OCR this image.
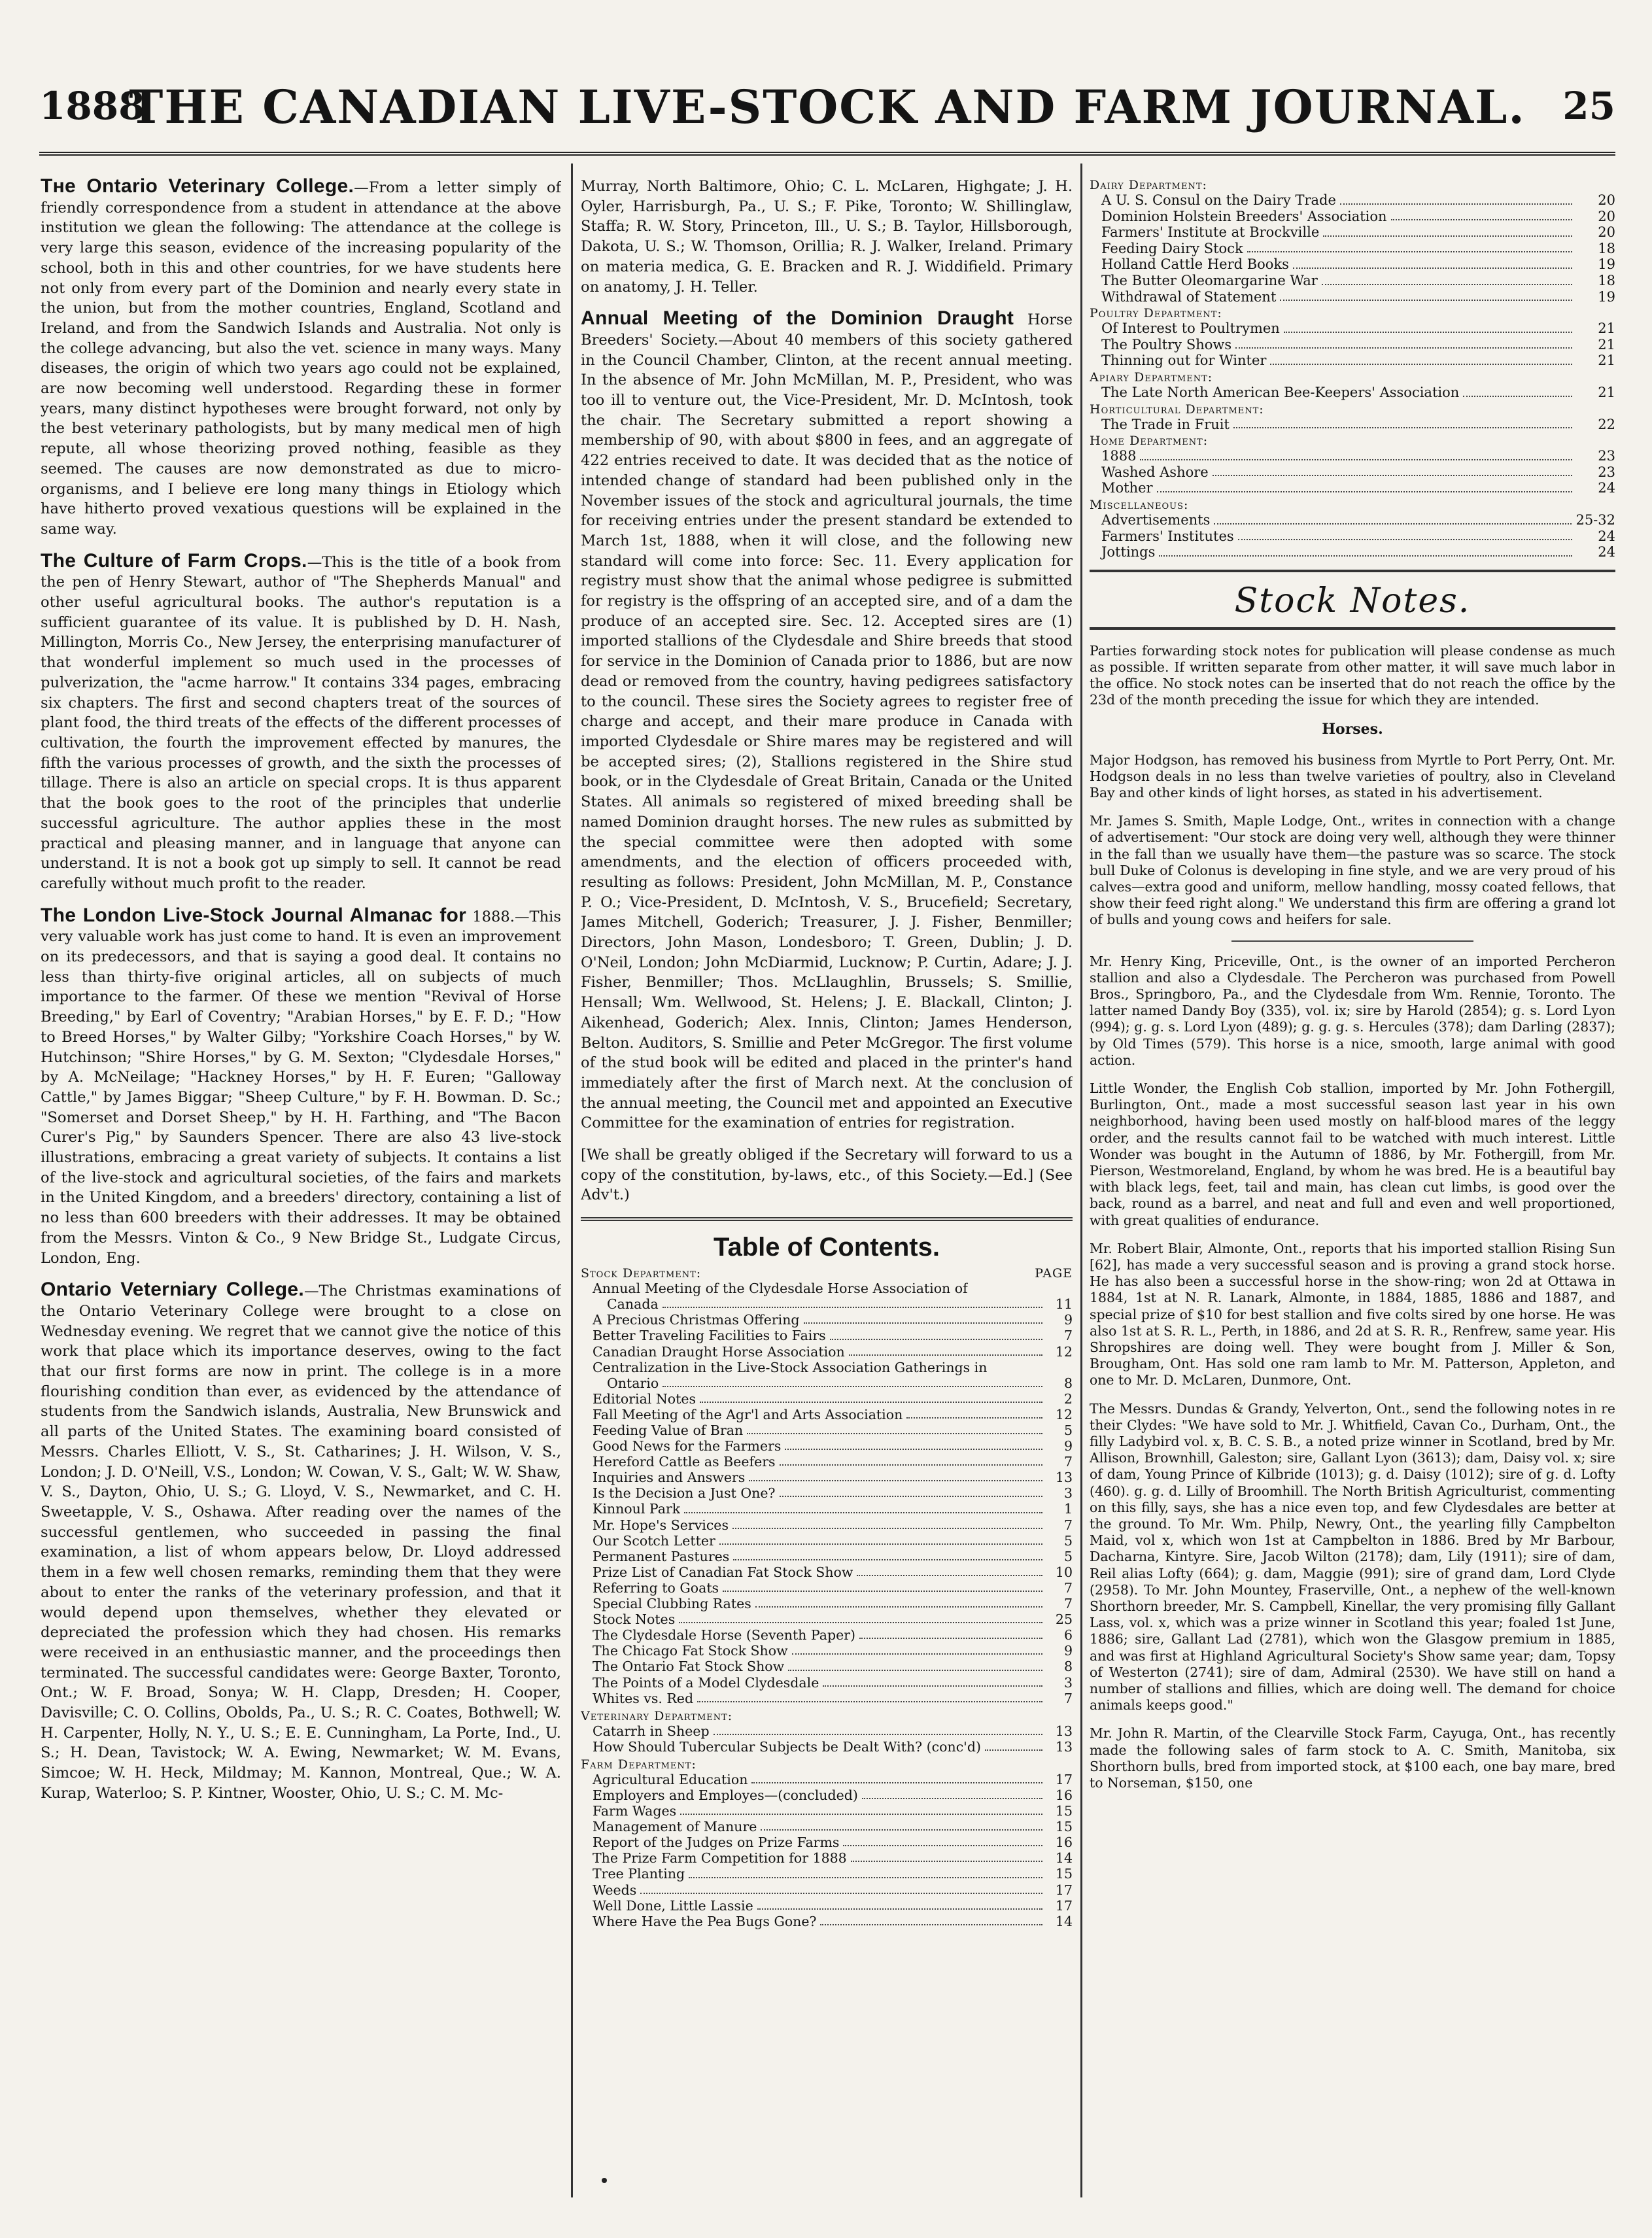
1888
THE CANADIAN LIVE-STOCK AND FARM JOURNAL. 25

Tнe Ontario Veterinary College.—From a letter simply of friendly correspondence from a student in attendance at the above institution we glean the following: The attendance at the college is very large this season, evidence of the increasing popularity of the school, both in this and other countries, for we have students here not only from every part of the Dominion and nearly every state in the union, but from the mother countries, England, Scotland and Ireland, and from the Sandwich Islands and Australia. Not only is the college advancing, but also the vet. science in many ways. Many diseases, the origin of which two years ago could not be explained, are now becoming well understood. Regarding these in former years, many distinct hypotheses were brought forward, not only by the best veterinary pathologists, but by many medical men of high repute, all whose theorizing proved nothing, feasible as they seemed. The causes are now demonstrated as due to micro-organisms, and I believe ere long many things in Etiology which have hitherto proved vexatious questions will be explained in the same way.

The Culture of Farm Crops.—This is the title of a book from the pen of Henry Stewart, author of "The Shepherds Manual" and other useful agricultural books. The author's reputation is a sufficient guarantee of its value. It is published by D. H. Nash, Millington, Morris Co., New Jersey, the enterprising manufacturer of that wonderful implement so much used in the processes of pulverization, the "acme harrow." It contains 334 pages, embracing six chapters. The first and second chapters treat of the sources of plant food, the third treats of the effects of the different processes of cultivation, the fourth the improvement effected by manures, the fifth the various processes of growth, and the sixth the processes of tillage. There is also an article on special crops. It is thus apparent that the book goes to the root of the principles that underlie successful agriculture. The author applies these in the most practical and pleasing manner, and in language that anyone can understand. It is not a book got up simply to sell. It cannot be read carefully without much profit to the reader.

The London Live-Stock Journal Almanac for 1888.—This very valuable work has just come to hand. It is even an improvement on its predecessors, and that is saying a good deal. It contains no less than thirty-five original articles, all on subjects of much importance to the farmer. Of these we mention "Revival of Horse Breeding," by Earl of Coventry; "Arabian Horses," by E. F. D.; "How to Breed Horses," by Walter Gilby; "Yorkshire Coach Horses," by W. Hutchinson; "Shire Horses," by G. M. Sexton; "Clydesdale Horses," by A. McNeilage; "Hackney Horses," by H. F. Euren; "Galloway Cattle," by James Biggar; "Sheep Culture," by F. H. Bowman. D. Sc.; "Somerset and Dorset Sheep," by H. H. Farthing, and "The Bacon Curer's Pig," by Saunders Spencer. There are also 43 live-stock illustrations, embracing a great variety of subjects. It contains a list of the live-stock and agricultural societies, of the fairs and markets in the United Kingdom, and a breeders' directory, containing a list of no less than 600 breeders with their addresses. It may be obtained from the Messrs. Vinton & Co., 9 New Bridge St., Ludgate Circus, London, Eng.

Ontario Veterniary College.—The Christmas examinations of the Ontario Veterinary College were brought to a close on Wednesday evening. We regret that we cannot give the notice of this work that place which its importance deserves, owing to the fact that our first forms are now in print. The college is in a more flourishing condition than ever, as evidenced by the attendance of students from the Sandwich islands, Australia, New Brunswick and all parts of the United States. The examining board consisted of Messrs. Charles Elliott, V. S., St. Catharines; J. H. Wilson, V. S., London; J. D. O'Neill, V.S., London; W. Cowan, V. S., Galt; W. W. Shaw, V. S., Dayton, Ohio, U. S.; G. Lloyd, V. S., Newmarket, and C. H. Sweetapple, V. S., Oshawa. After reading over the names of the successful gentlemen, who succeeded in passing the final examination, a list of whom appears below, Dr. Lloyd addressed them in a few well chosen remarks, reminding them that they were about to enter the ranks of the veterinary profession, and that it would depend upon themselves, whether they elevated or depreciated the profession which they had chosen. His remarks were received in an enthusiastic manner, and the proceedings then terminated. The successful candidates were: George Baxter, Toronto, Ont.; W. F. Broad, Sonya; W. H. Clapp, Dresden; H. Cooper, Davisville; C. O. Collins, Obolds, Pa., U. S.; R. C. Coates, Bothwell; W. H. Carpenter, Holly, N. Y., U. S.; E. E. Cunningham, La Porte, Ind., U. S.; H. Dean, Tavistock; W. A. Ewing, Newmarket; W. M. Evans, Simcoe; W. H. Heck, Mildmay; M. Kannon, Montreal, Que.; W. A. Kurap, Waterloo; S. P. Kintner, Wooster, Ohio, U. S.; C. M. Mc-

Murray, North Baltimore, Ohio; C. L. McLaren, Highgate; J. H. Oyler, Harrisburgh, Pa., U. S.; F. Pike, Toronto; W. Shillinglaw, Staffa; R. W. Story, Princeton, Ill., U. S.; B. Taylor, Hillsborough, Dakota, U. S.; W. Thomson, Orillia; R. J. Walker, Ireland. Primary on materia medica, G. E. Bracken and R. J. Widdifield. Primary on anatomy, J. H. Teller.

Annual Meeting of the Dominion Draught Horse Breeders' Society.—About 40 members of this society gathered in the Council Chamber, Clinton, at the recent annual meeting. In the absence of Mr. John McMillan, M. P., President, who was too ill to venture out, the Vice-President, Mr. D. McIntosh, took the chair. The Secretary submitted a report showing a membership of 90, with about $800 in fees, and an aggregate of 422 entries received to date. It was decided that as the notice of intended change of standard had been published only in the November issues of the stock and agricultural journals, the time for receiving entries under the present standard be extended to March 1st, 1888, when it will close, and the following new standard will come into force: Sec. 11. Every application for registry must show that the animal whose pedigree is submitted for registry is the offspring of an accepted sire, and of a dam the produce of an accepted sire. Sec. 12. Accepted sires are (1) imported stallions of the Clydesdale and Shire breeds that stood for service in the Dominion of Canada prior to 1886, but are now dead or removed from the country, having pedigrees satisfactory to the council. These sires the Society agrees to register free of charge and accept, and their mare produce in Canada with imported Clydesdale or Shire mares may be registered and will be accepted sires; (2), Stallions registered in the Shire stud book, or in the Clydesdale of Great Britain, Canada or the United States. All animals so registered of mixed breeding shall be named Dominion draught horses. The new rules as submitted by the special committee were then adopted with some amendments, and the election of officers proceeded with, resulting as follows: President, John McMillan, M. P., Constance P. O.; Vice-President, D. McIntosh, V. S., Brucefield; Secretary, James Mitchell, Goderich; Treasurer, J. J. Fisher, Benmiller; Directors, John Mason, Londesboro; T. Green, Dublin; J. D. O'Neil, London; John McDiarmid, Lucknow; P. Curtin, Adare; J. J. Fisher, Benmiller; Thos. McLlaughlin, Brussels; S. Smillie, Hensall; Wm. Wellwood, St. Helens; J. E. Blackall, Clinton; J. Aikenhead, Goderich; Alex. Innis, Clinton; James Henderson, Belton. Auditors, S. Smillie and Peter McGregor. The first volume of the stud book will be edited and placed in the printer's hand immediately after the first of March next. At the conclusion of the annual meeting, the Council met and appointed an Executive Committee for the examination of entries for registration.

[We shall be greatly obliged if the Secretary will forward to us a copy of the constitution, by-laws, etc., of this Society.—Ed.] (See Adv't.)

Table of Contents.
Stock Department:	PAGE
Annual Meeting of the Clydesdale Horse Association of
Canada	11
A Precious Christmas Offering	9
Better Traveling Facilities to Fairs	7
Canadian Draught Horse Association	12
Centralization in the Live-Stock Association Gatherings in
Ontario	8
Editorial Notes	2
Fall Meeting of the Agr'l and Arts Association	12
Feeding Value of Bran	5
Good News for the Farmers	9
Hereford Cattle as Beefers	7
Inquiries and Answers	13
Is the Decision a Just One?	3
Kinnoul Park	1
Mr. Hope's Services	7
Our Scotch Letter	5
Permanent Pastures	5
Prize List of Canadian Fat Stock Show	10
Referring to Goats	7
Special Clubbing Rates	7
Stock Notes	25
The Clydesdale Horse (Seventh Paper)	6
The Chicago Fat Stock Show	9
The Ontario Fat Stock Show	8
The Points of a Model Clydesdale	3
Whites vs. Red	7
Veterinary Department:
Catarrh in Sheep	13
How Should Tubercular Subjects be Dealt With? (conc'd)	13
Farm Department:
Agricultural Education	17
Employers and Employes—(concluded)	16
Farm Wages	15
Management of Manure	15
Report of the Judges on Prize Farms	16
The Prize Farm Competition for 1888	14
Tree Planting	15
Weeds	17
Well Done, Little Lassie	17
Where Have the Pea Bugs Gone?	14
Dairy Department:
A U. S. Consul on the Dairy Trade	20
Dominion Holstein Breeders' Association	20
Farmers' Institute at Brockville	20
Feeding Dairy Stock	18
Holland Cattle Herd Books	19
The Butter Oleomargarine War	18
Withdrawal of Statement	19
Poultry Department:
Of Interest to Poultrymen	21
The Poultry Shows	21
Thinning out for Winter	21
Apiary Department:
The Late North American Bee-Keepers' Association	21
Horticultural Department:
The Trade in Fruit	22
Home Department:
1888	23
Washed Ashore	23
Mother	24
Miscellaneous:
Advertisements	25-32
Farmers' Institutes	24
Jottings	24
Stock Notes.
Parties forwarding stock notes for publication will please condense as much as possible. If written separate from other matter, it will save much labor in the office. No stock notes can be inserted that do not reach the office by the 23d of the month preceding the issue for which they are intended.
Horses.
Major Hodgson, has removed his business from Myrtle to Port Perry, Ont. Mr. Hodgson deals in no less than twelve varieties of poultry, also in Cleveland Bay and other kinds of light horses, as stated in his advertisement.
Mr. James S. Smith, Maple Lodge, Ont., writes in connection with a change of advertisement: "Our stock are doing very well, although they were thinner in the fall than we usually have them—the pasture was so scarce. The stock bull Duke of Colonus is developing in fine style, and we are very proud of his calves—extra good and uniform, mellow handling, mossy coated fellows, that show their feed right along." We understand this firm are offering a grand lot of bulls and young cows and heifers for sale.
Mr. Henry King, Priceville, Ont., is the owner of an imported Percheron stallion and also a Clydesdale. The Percheron was purchased from Powell Bros., Springboro, Pa., and the Clydesdale from Wm. Rennie, Toronto. The latter named Dandy Boy (335), vol. ix; sire by Harold (2854); g. s. Lord Lyon (994); g. g. s. Lord Lyon (489); g. g. g. s. Hercules (378); dam Darling (2837); by Old Times (579). This horse is a nice, smooth, large animal with good action.
Little Wonder, the English Cob stallion, imported by Mr. John Fothergill, Burlington, Ont., made a most successful season last year in his own neighborhood, having been used mostly on half-blood mares of the leggy order, and the results cannot fail to be watched with much interest. Little Wonder was bought in the Autumn of 1886, by Mr. Fothergill, from Mr. Pierson, Westmoreland, England, by whom he was bred. He is a beautiful bay with black legs, feet, tail and main, has clean cut limbs, is good over the back, round as a barrel, and neat and full and even and well proportioned, with great qualities of endurance.
Mr. Robert Blair, Almonte, Ont., reports that his imported stallion Rising Sun [62], has made a very successful season and is proving a grand stock horse. He has also been a successful horse in the show-ring; won 2d at Ottawa in 1884, 1st at N. R. Lanark, Almonte, in 1884, 1885, 1886 and 1887, and special prize of $10 for best stallion and five colts sired by one horse. He was also 1st at S. R. L., Perth, in 1886, and 2d at S. R. R., Renfrew, same year. His Shropshires are doing well. They were bought from J. Miller & Son, Brougham, Ont. Has sold one ram lamb to Mr. M. Patterson, Appleton, and one to Mr. D. McLaren, Dunmore, Ont.
The Messrs. Dundas & Grandy, Yelverton, Ont., send the following notes in re their Clydes: "We have sold to Mr. J. Whitfield, Cavan Co., Durham, Ont., the filly Ladybird vol. x, B. C. S. B., a noted prize winner in Scotland, bred by Mr. Allison, Brownhill, Galeston; sire, Gallant Lyon (3613); dam, Daisy vol. x; sire of dam, Young Prince of Kilbride (1013); g. d. Daisy (1012); sire of g. d. Lofty (460). g. g. d. Lilly of Broomhill. The North British Agriculturist, commenting on this filly, says, she has a nice even top, and few Clydesdales are better at the ground. To Mr. Wm. Philp, Newry, Ont., the yearling filly Campbelton Maid, vol x, which won 1st at Campbelton in 1886. Bred by Mr Barbour, Dacharna, Kintyre. Sire, Jacob Wilton (2178); dam, Lily (1911); sire of dam, Reil alias Lofty (664); g. dam, Maggie (991); sire of grand dam, Lord Clyde (2958). To Mr. John Mountey, Fraserville, Ont., a nephew of the well-known Shorthorn breeder, Mr. S. Campbell, Kinellar, the very promising filly Gallant Lass, vol. x, which was a prize winner in Scotland this year; foaled 1st June, 1886; sire, Gallant Lad (2781), which won the Glasgow premium in 1885, and was first at Highland Agricultural Society's Show same year; dam, Topsy of Westerton (2741); sire of dam, Admiral (2530). We have still on hand a number of stallions and fillies, which are doing well. The demand for choice animals keeps good."
Mr. John R. Martin, of the Clearville Stock Farm, Cayuga, Ont., has recently made the following sales of farm stock to A. C. Smith, Manitoba, six Shorthorn bulls, bred from imported stock, at $100 each, one bay mare, bred to Norseman, $150, one
